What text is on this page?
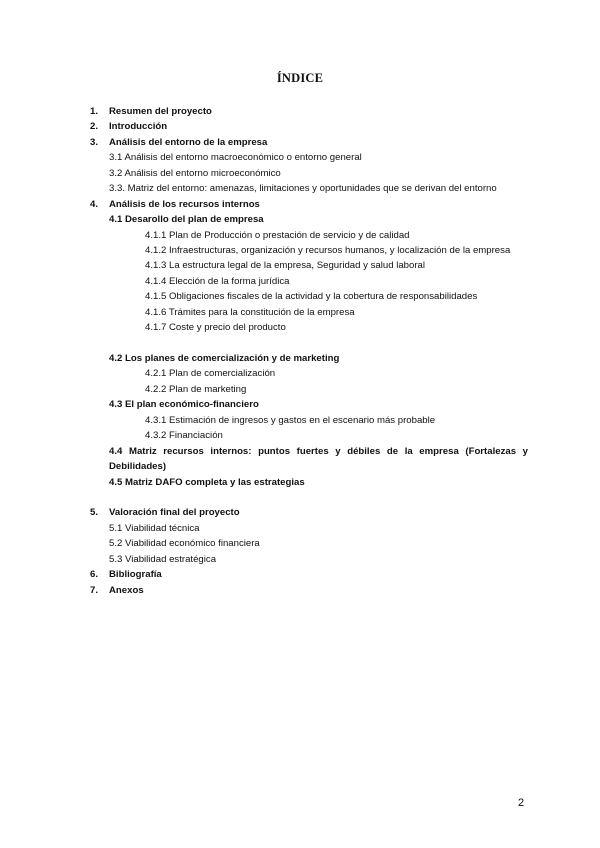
ÍNDICE
1. Resumen del proyecto
2. Introducción
3. Análisis del entorno de la empresa
3.1 Análisis del entorno macroeconómico o entorno general
3.2 Análisis del entorno microeconómico
3.3. Matriz del entorno: amenazas, limitaciones y oportunidades que se derivan del entorno
4. Análisis de los recursos internos
4.1 Desarollo del plan de empresa
4.1.1 Plan de Producción o prestación de servicio y de calidad
4.1.2 Infraestructuras, organización y recursos humanos, y localización de la empresa
4.1.3 La estructura legal de la empresa, Seguridad y salud laboral
4.1.4 Elección de la forma jurídica
4.1.5 Obligaciones fiscales de la actividad y la cobertura de responsabilidades
4.1.6 Trámites para la constitución de la empresa
4.1.7 Coste y precio del producto
4.2 Los planes de comercialización y de marketing
4.2.1 Plan de comercialización
4.2.2 Plan de marketing
4.3 El plan económico-financiero
4.3.1 Estimación de ingresos y gastos en el escenario más probable
4.3.2 Financiación
4.4 Matriz recursos internos: puntos fuertes y débiles de la empresa (Fortalezas y Debilidades)
4.5 Matriz DAFO completa y las estrategias
5. Valoración final del proyecto
5.1 Viabilidad técnica
5.2 Viabilidad económico financiera
5.3 Viabilidad estratégica
6. Bibliografía
7. Anexos
2
